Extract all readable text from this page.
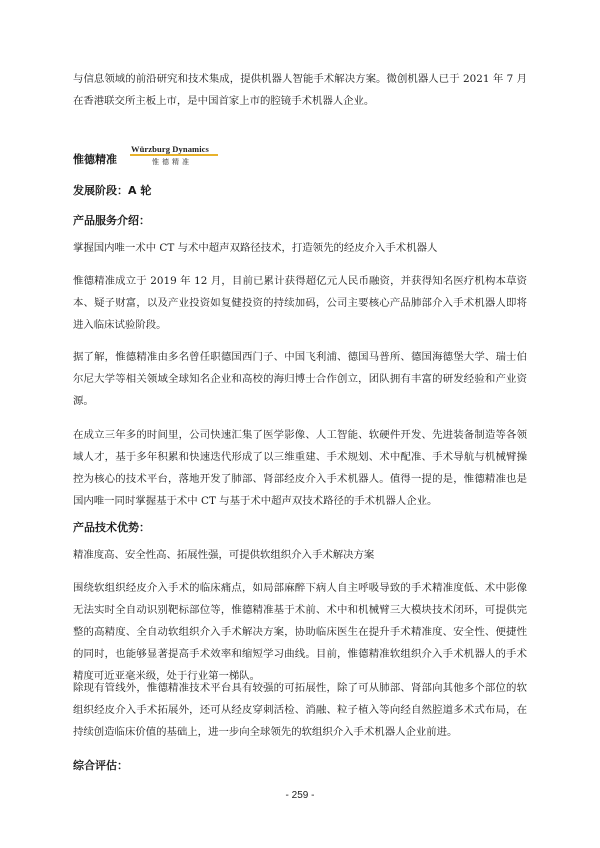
与信息领域的前沿研究和技术集成，提供机器人智能手术解决方案。微创机器人已于 2021 年 7 月在香港联交所主板上市，是中国首家上市的腔镜手术机器人企业。

惟德精准
Würzburg Dynamics
惟德精准

发展阶段：A 轮

产品服务介绍：

掌握国内唯一术中 CT 与术中超声双路径技术，打造领先的经皮介入手术机器人

惟德精准成立于 2019 年 12 月，目前已累计获得超亿元人民币融资，并获得知名医疗机构本草资本、疑子财富，以及产业投资如复健投资的持续加码，公司主要核心产品肺部介入手术机器人即将进入临床试验阶段。

据了解，惟德精准由多名曾任职德国西门子、中国飞利浦、德国马普所、德国海德堡大学、瑞士伯尔尼大学等相关领域全球知名企业和高校的海归博士合作创立，团队拥有丰富的研发经验和产业资源。

在成立三年多的时间里，公司快速汇集了医学影像、人工智能、软硬件开发、先进装备制造等各领域人才，基于多年积累和快速迭代形成了以三维重建、手术规划、术中配准、手术导航与机械臂操控为核心的技术平台，落地开发了肺部、肾部经皮介入手术机器人。值得一提的是，惟德精准也是国内唯一同时掌握基于术中 CT 与基于术中超声双技术路径的手术机器人企业。

产品技术优势：

精准度高、安全性高、拓展性强，可提供软组织介入手术解决方案

围绕软组织经皮介入手术的临床痛点，如局部麻醉下病人自主呼吸导致的手术精准度低、术中影像无法实时全自动识别靶标部位等，惟德精准基于术前、术中和机械臂三大模块技术闭环，可提供完整的高精度、全自动软组织介入手术解决方案，协助临床医生在提升手术精准度、安全性、便捷性的同时，也能够显著提高手术效率和缩短学习曲线。目前，惟德精准软组织介入手术机器人的手术精度可近亚毫米级，处于行业第一梯队。

除现有管线外，惟德精准技术平台具有较强的可拓展性，除了可从肺部、肾部向其他多个部位的软组织经皮介入手术拓展外，还可从经皮穿刺活检、消融、粒子植入等向经自然腔道多术式布局，在持续创造临床价值的基础上，进一步向全球领先的软组织介入手术机器人企业前进。

综合评估：

- 259 -
